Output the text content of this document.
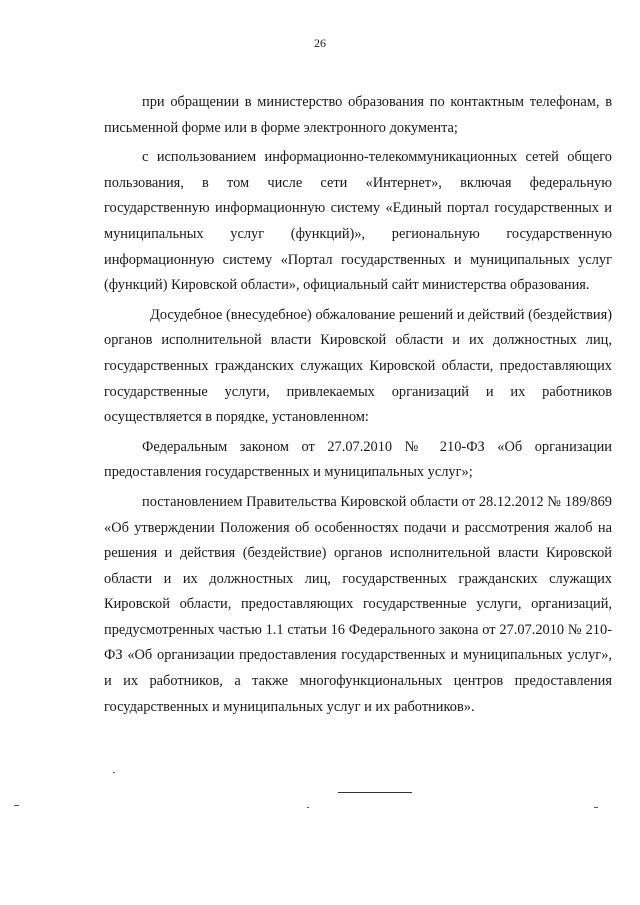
26

при обращении в министерство образования по контактным телефонам, в письменной форме или в форме электронного документа;

с использованием информационно-телекоммуникационных сетей общего пользования, в том числе сети «Интернет», включая федеральную государственную информационную систему «Единый портал государственных и муниципальных услуг (функций)», региональную государственную информационную систему «Портал государственных и муниципальных услуг (функций) Кировской области», официальный сайт министерства образования.

Досудебное (внесудебное) обжалование решений и действий (бездействия) органов исполнительной власти Кировской области и их должностных лиц, государственных гражданских служащих Кировской области, предоставляющих государственные услуги, привлекаемых организаций и их работников осуществляется в порядке, установленном:

Федеральным законом от 27.07.2010 № 210-ФЗ «Об организации предоставления государственных и муниципальных услуг»;

постановлением Правительства Кировской области от 28.12.2012 № 189/869 «Об утверждении Положения об особенностях подачи и рассмотрения жалоб на решения и действия (бездействие) органов исполнительной власти Кировской области и их должностных лиц, государственных гражданских служащих Кировской области, предоставляющих государственные услуги, организаций, предусмотренных частью 1.1 статьи 16 Федерального закона от 27.07.2010 № 210-ФЗ «Об организации предоставления государственных и муниципальных услуг», и их работников, а также многофункциональных центров предоставления государственных и муниципальных услуг и их работников».
